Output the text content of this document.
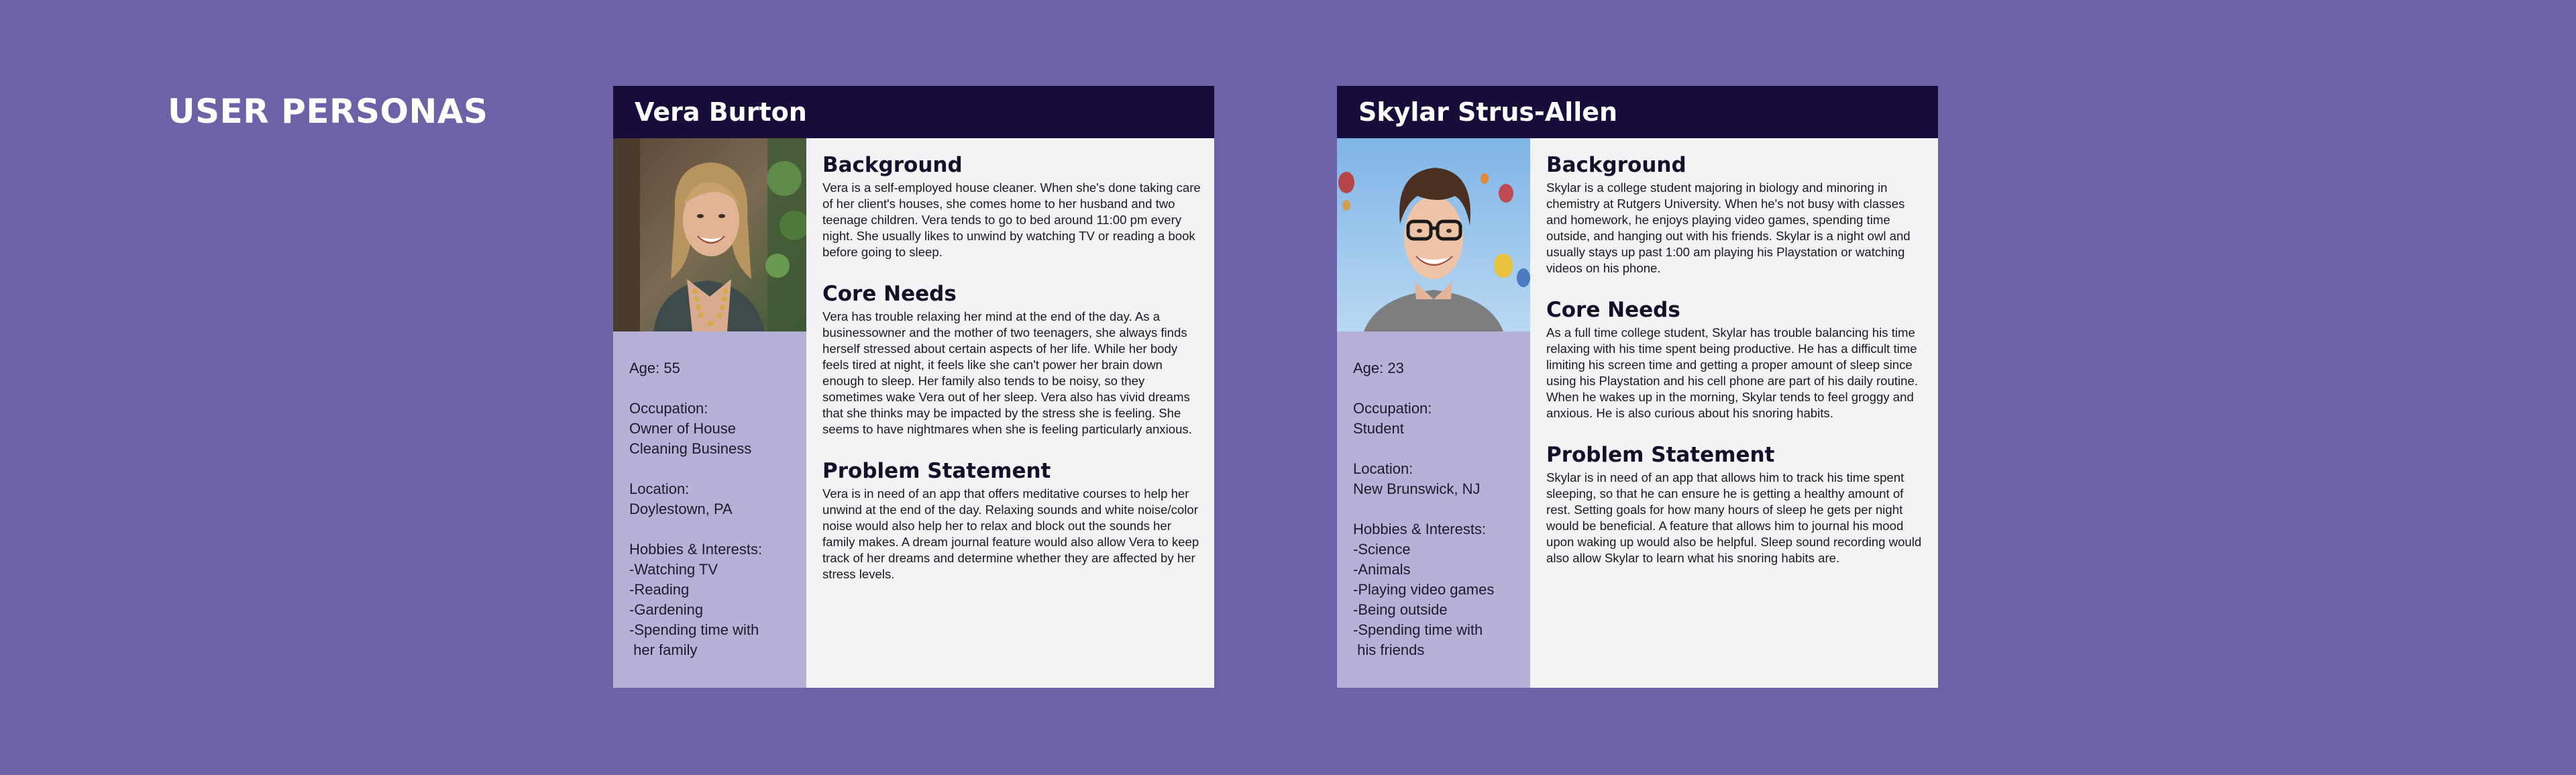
USER PERSONAS	Vera Burton
Age: 55
Occupation:
Owner of House
Cleaning Business
Location:
Doylestown, PA
Hobbies & Interests:
-Watching TV
-Reading
-Gardening
-Spending time with
her family
Background
Vera is a self-employed house cleaner. When she's done taking care of her client's houses, she comes home to her husband and two teenage children. Vera tends to go to bed around 11:00 pm every night. She usually likes to unwind by watching TV or reading a book before going to sleep.
Core Needs
Vera has trouble relaxing her mind at the end of the day. As a businessowner and the mother of two teenagers, she always finds herself stressed about certain aspects of her life. While her body feels tired at night, it feels like she can't power her brain down enough to sleep. Her family also tends to be noisy, so they sometimes wake Vera out of her sleep. Vera also has vivid dreams that she thinks may be impacted by the stress she is feeling. She seems to have nightmares when she is feeling particularly anxious.
Problem Statement
Vera is in need of an app that offers meditative courses to help her unwind at the end of the day. Relaxing sounds and white noise/color noise would also help her to relax and block out the sounds her family makes. A dream journal feature would also allow Vera to keep track of her dreams and determine whether they are affected by her stress levels.
Skylar Strus-Allen
Age: 23
Occupation:
Student
Location:
New Brunswick, NJ
Hobbies & Interests:
-Science
-Animals
-Playing video games
-Being outside
-Spending time with
his friends
Background
Skylar is a college student majoring in biology and minoring in chemistry at Rutgers University. When he's not busy with classes and homework, he enjoys playing video games, spending time outside, and hanging out with his friends. Skylar is a night owl and usually stays up past 1:00 am playing his Playstation or watching videos on his phone.
Core Needs
As a full time college student, Skylar has trouble balancing his time relaxing with his time spent being productive. He has a difficult time limiting his screen time and getting a proper amount of sleep since using his Playstation and his cell phone are part of his daily routine. When he wakes up in the morning, Skylar tends to feel groggy and anxious. He is also curious about his snoring habits.
Problem Statement
Skylar is in need of an app that allows him to track his time spent sleeping, so that he can ensure he is getting a healthy amount of rest. Setting goals for how many hours of sleep he gets per night would be beneficial. A feature that allows him to journal his mood upon waking up would also be helpful. Sleep sound recording would also allow Skylar to learn what his snoring habits are.
